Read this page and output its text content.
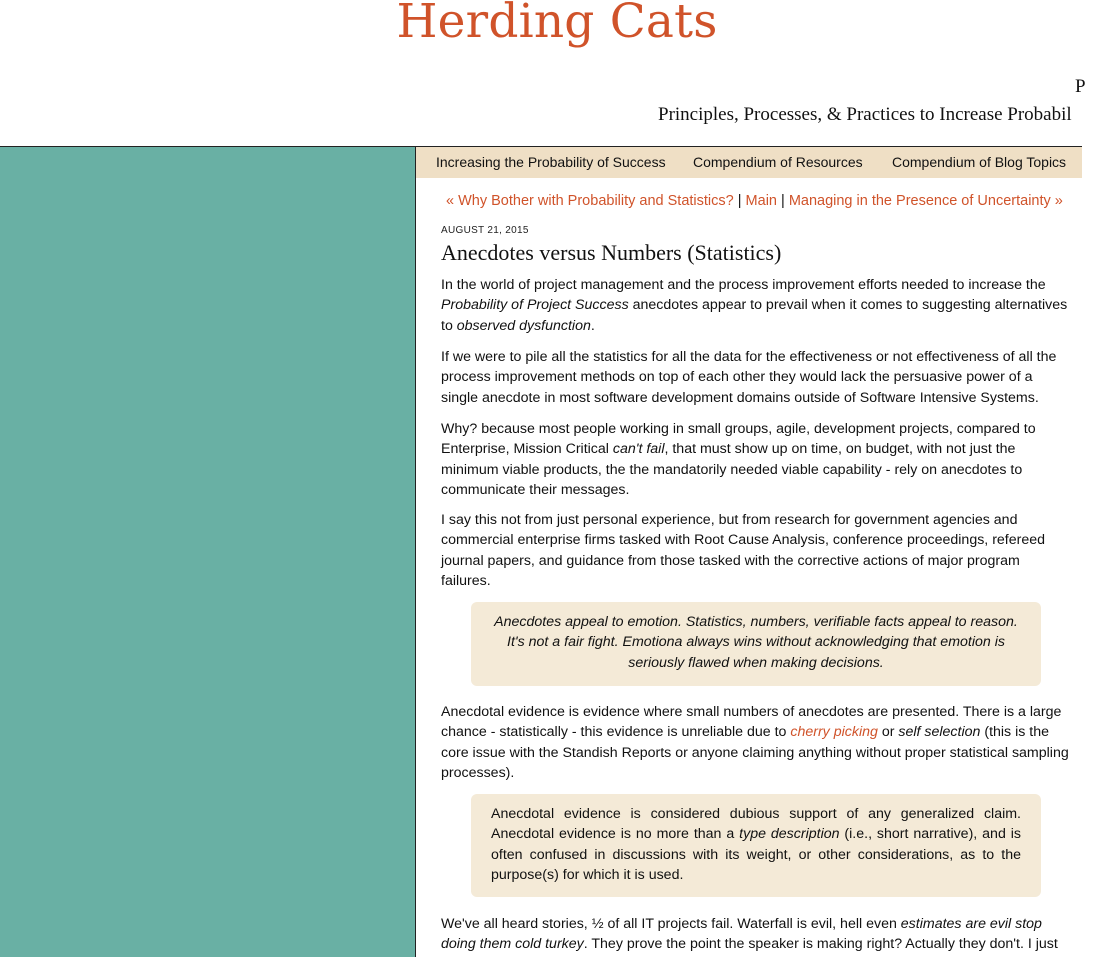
Herding Cats
P
Principles, Processes, & Practices to Increase Probabil
Increasing the Probability of Success Compendium of Resources Compendium of Blog Topics
« Why Bother with Probability and Statistics? | Main | Managing in the Presence of Uncertainty »
AUGUST 21, 2015
Anecdotes versus Numbers (Statistics)

In the world of project management and the process improvement efforts needed to increase the Probability of Project Success anecdotes appear to prevail when it comes to suggesting alternatives to observed dysfunction.

If we were to pile all the statistics for all the data for the effectiveness or not effectiveness of all the process improvement methods on top of each other they would lack the persuasive power of a single anecdote in most software development domains outside of Software Intensive Systems.

Why? because most people working in small groups, agile, development projects, compared to Enterprise, Mission Critical can't fail, that must show up on time, on budget, with not just the minimum viable products, the the mandatorily needed viable capability - rely on anecdotes to communicate their messages.

I say this not from just personal experience, but from research for government agencies and commercial enterprise firms tasked with Root Cause Analysis, conference proceedings, refereed journal papers, and guidance from those tasked with the corrective actions of major program failures.

Anecdotes appeal to emotion. Statistics, numbers, verifiable facts appeal to reason. It's not a fair fight. Emotiona always wins without acknowledging that emotion is seriously flawed when making decisions.

Anecdotal evidence is evidence where small numbers of anecdotes are presented. There is a large chance - statistically - this evidence is unreliable due to cherry picking or self selection (this is the core issue with the Standish Reports or anyone claiming anything without proper statistical sampling processes).

Anecdotal evidence is considered dubious support of any generalized claim. Anecdotal evidence is no more than a type description (i.e., short narrative), and is often confused in discussions with its weight, or other considerations, as to the purpose(s) for which it is used.

We've all heard stories, ½ of all IT projects fail. Waterfall is evil, hell even estimates are evil stop doing them cold turkey. They prove the point the speaker is making right? Actually they don't. I just
